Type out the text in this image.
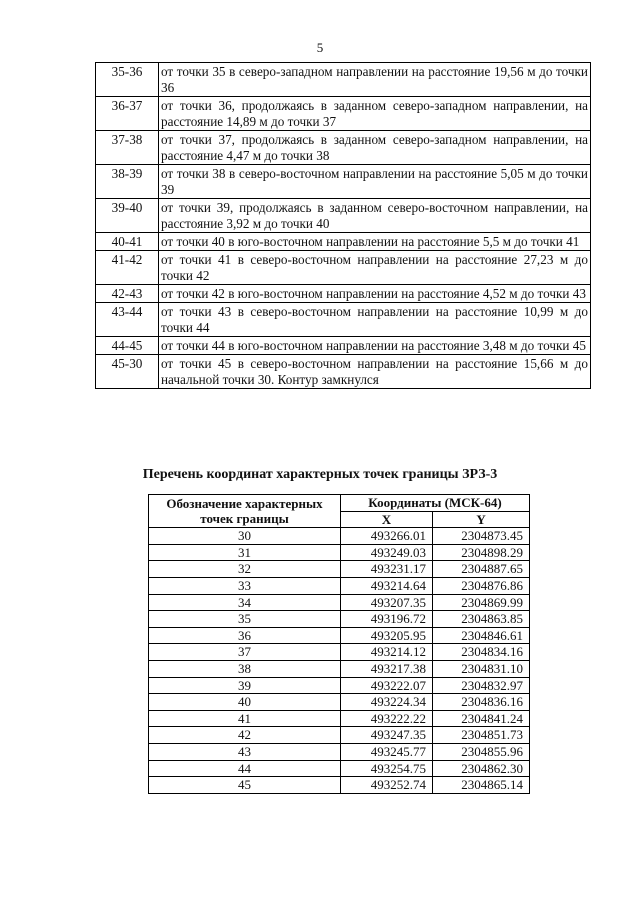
5
35-36	от точки 35 в северо-западном направлении на расстояние 19,56 м до точки 36
36-37	от точки 36, продолжаясь в заданном северо-западном направлении, на расстояние 14,89 м до точки 37
37-38	от точки 37, продолжаясь в заданном северо-западном направлении, на расстояние 4,47 м до точки 38
38-39	от точки 38 в северо-восточном направлении на расстояние 5,05 м до точки 39
39-40	от точки 39, продолжаясь в заданном северо-восточном направлении, на расстояние 3,92 м до точки 40
40-41	от точки 40 в юго-восточном направлении на расстояние 5,5 м до точки 41
41-42	от точки 41 в северо-восточном направлении на расстояние 27,23 м до точки 42
42-43	от точки 42 в юго-восточном направлении на расстояние 4,52 м до точки 43
43-44	от точки 43 в северо-восточном направлении на расстояние 10,99 м до точки 44
44-45	от точки 44 в юго-восточном направлении на расстояние 3,48 м до точки 45
45-30	от точки 45 в северо-восточном направлении на расстояние 15,66 м до начальной точки 30. Контур замкнулся
Перечень координат характерных точек границы ЗРЗ-3
Обозначение характерных точек границы	Координаты (МСК-64)	
	X	Y
30	493266.01	2304873.45
31	493249.03	2304898.29
32	493231.17	2304887.65
33	493214.64	2304876.86
34	493207.35	2304869.99
35	493196.72	2304863.85
36	493205.95	2304846.61
37	493214.12	2304834.16
38	493217.38	2304831.10
39	493222.07	2304832.97
40	493224.34	2304836.16
41	493222.22	2304841.24
42	493247.35	2304851.73
43	493245.77	2304855.96
44	493254.75	2304862.30
45	493252.74	2304865.14
